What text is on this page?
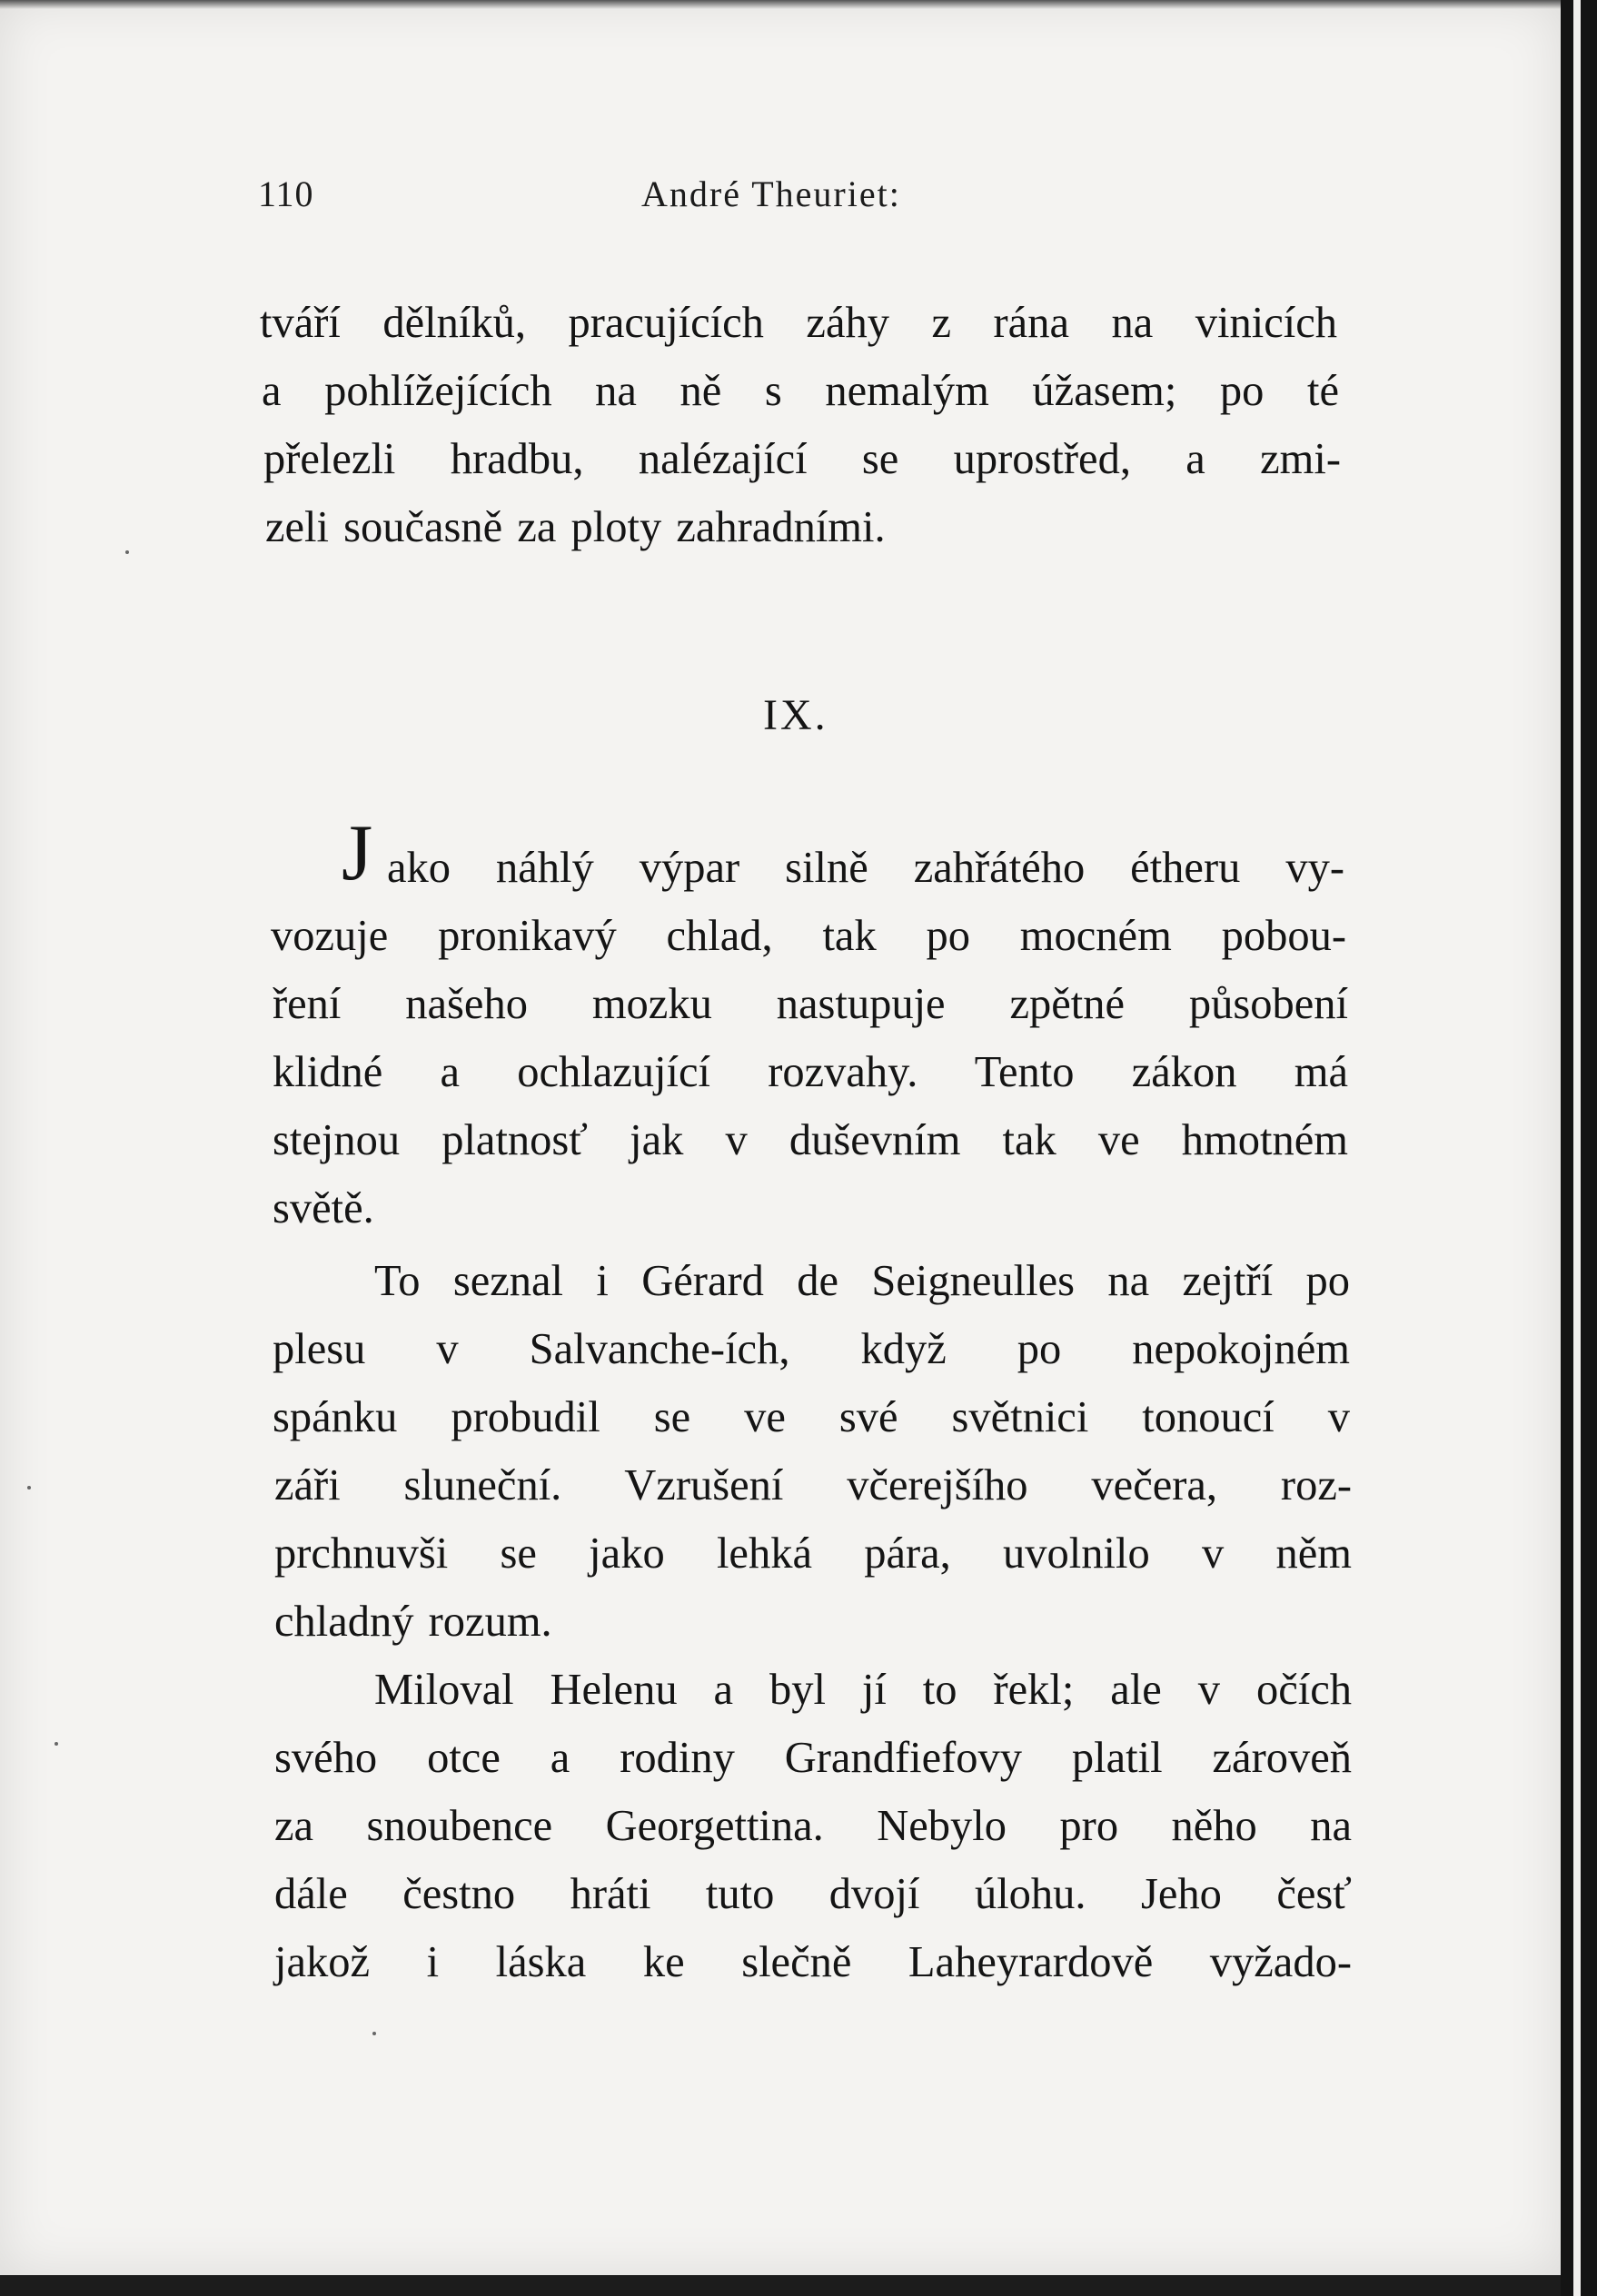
110	André Theuriet:
tváří dělníků, pracujících záhy z rána na vinicích
a pohlížejících na ně s nemalým úžasem; po té
přelezli hradbu, nalézající se uprostřed, a zmi-
zeli současně za ploty zahradními.
IX.
J ako náhlý výpar silně zahřátého étheru vy-
vozuje pronikavý chlad, tak po mocném pobou-
ření našeho mozku nastupuje zpětné působení
klidné a ochlazující rozvahy. Tento zákon má
stejnou platnosť jak v duševním tak ve hmotném
světě.
To seznal i Gérard de Seigneulles na zejtří po
plesu v Salvanche-ích, když po nepokojném
spánku probudil se ve své světnici tonoucí v
záři sluneční. Vzrušení včerejšího večera, roz-
prchnuvši se jako lehká pára, uvolnilo v něm
chladný rozum.
Miloval Helenu a byl jí to řekl; ale v očích
svého otce a rodiny Grandfiefovy platil zároveň
za snoubence Georgettina. Nebylo pro něho na
dále čestno hráti tuto dvojí úlohu. Jeho česť
jakož i láska ke slečně Laheyrardově vyžado-
